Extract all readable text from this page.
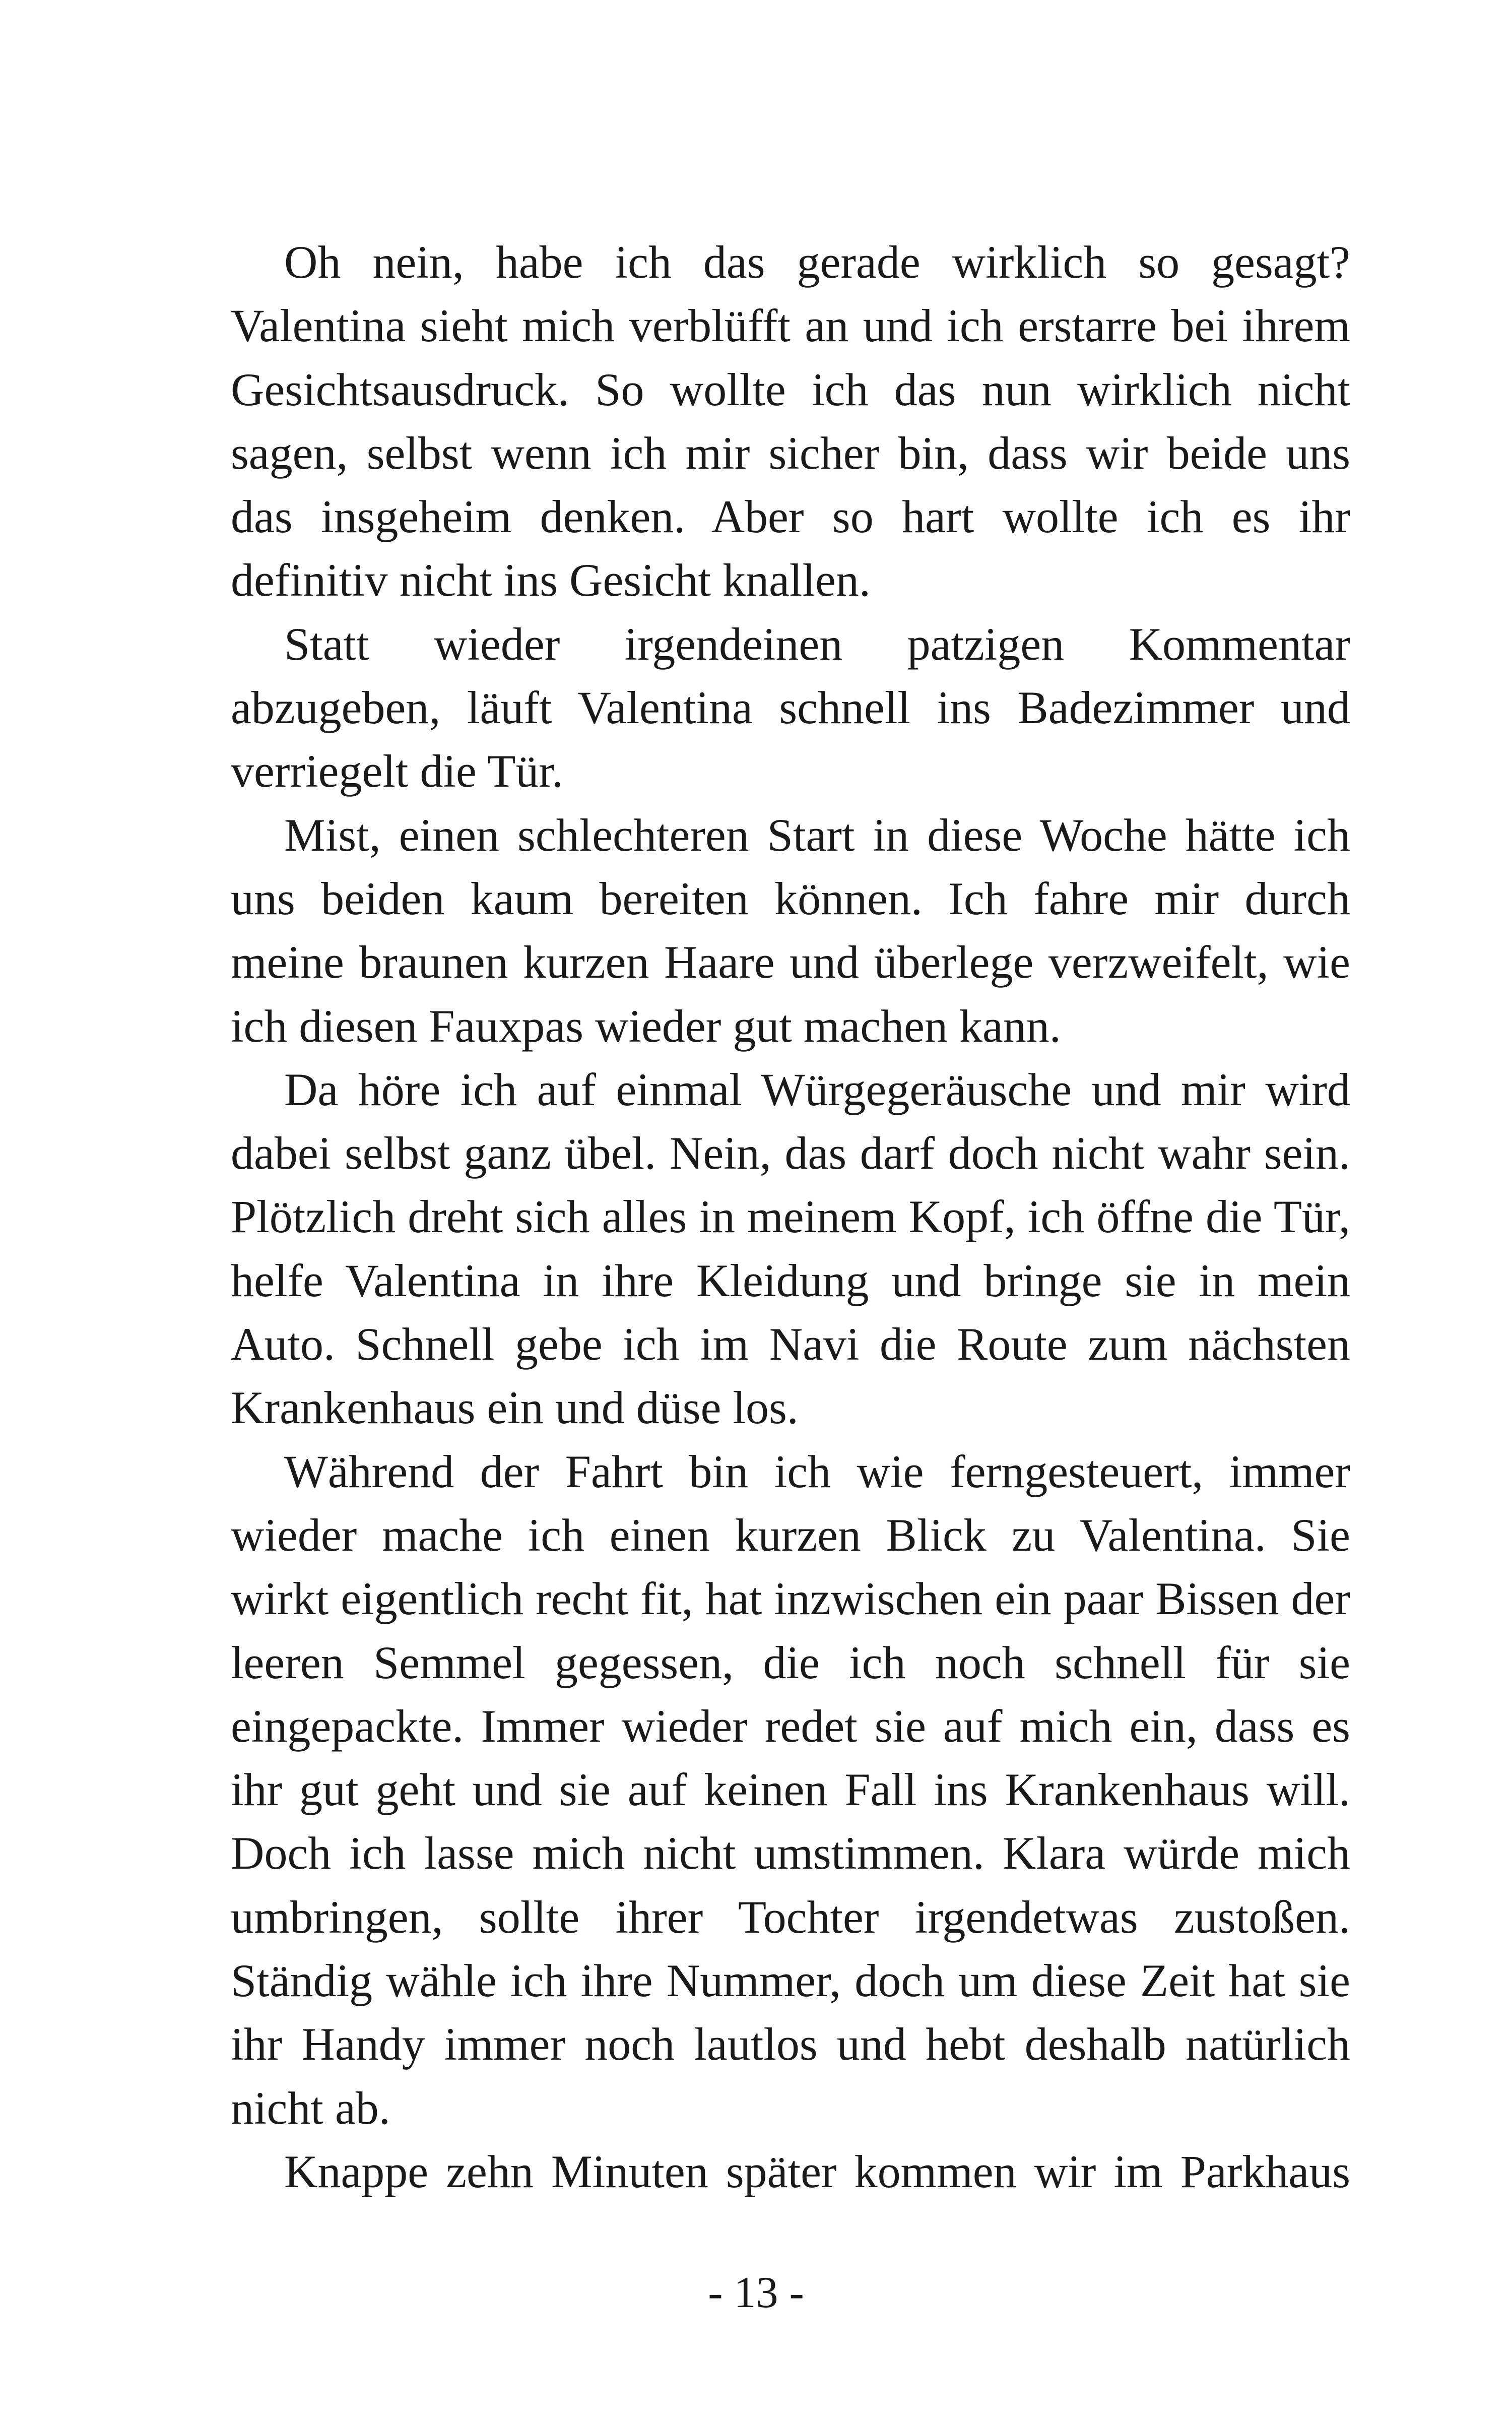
Oh nein, habe ich das gerade wirklich so gesagt? Valentina sieht mich verblüfft an und ich erstarre bei ihrem Gesichtsausdruck. So wollte ich das nun wirklich nicht sagen, selbst wenn ich mir sicher bin, dass wir beide uns das insgeheim denken. Aber so hart wollte ich es ihr definitiv nicht ins Gesicht knallen.

Statt wieder irgendeinen patzigen Kommentar abzugeben, läuft Valentina schnell ins Badezimmer und verriegelt die Tür.

Mist, einen schlechteren Start in diese Woche hätte ich uns beiden kaum bereiten können. Ich fahre mir durch meine braunen kurzen Haare und überlege verzweifelt, wie ich diesen Fauxpas wieder gut machen kann.

Da höre ich auf einmal Würgegeräusche und mir wird dabei selbst ganz übel. Nein, das darf doch nicht wahr sein. Plötzlich dreht sich alles in meinem Kopf, ich öffne die Tür, helfe Valentina in ihre Kleidung und bringe sie in mein Auto. Schnell gebe ich im Navi die Route zum nächsten Krankenhaus ein und düse los.

Während der Fahrt bin ich wie ferngesteuert, immer wieder mache ich einen kurzen Blick zu Valentina. Sie wirkt eigentlich recht fit, hat inzwischen ein paar Bissen der leeren Semmel gegessen, die ich noch schnell für sie eingepackte. Immer wieder redet sie auf mich ein, dass es ihr gut geht und sie auf keinen Fall ins Krankenhaus will. Doch ich lasse mich nicht umstimmen. Klara würde mich umbringen, sollte ihrer Tochter irgendetwas zustoßen. Ständig wähle ich ihre Nummer, doch um diese Zeit hat sie ihr Handy immer noch lautlos und hebt deshalb natürlich nicht ab.

Knappe zehn Minuten später kommen wir im Parkhaus

- 13 -
